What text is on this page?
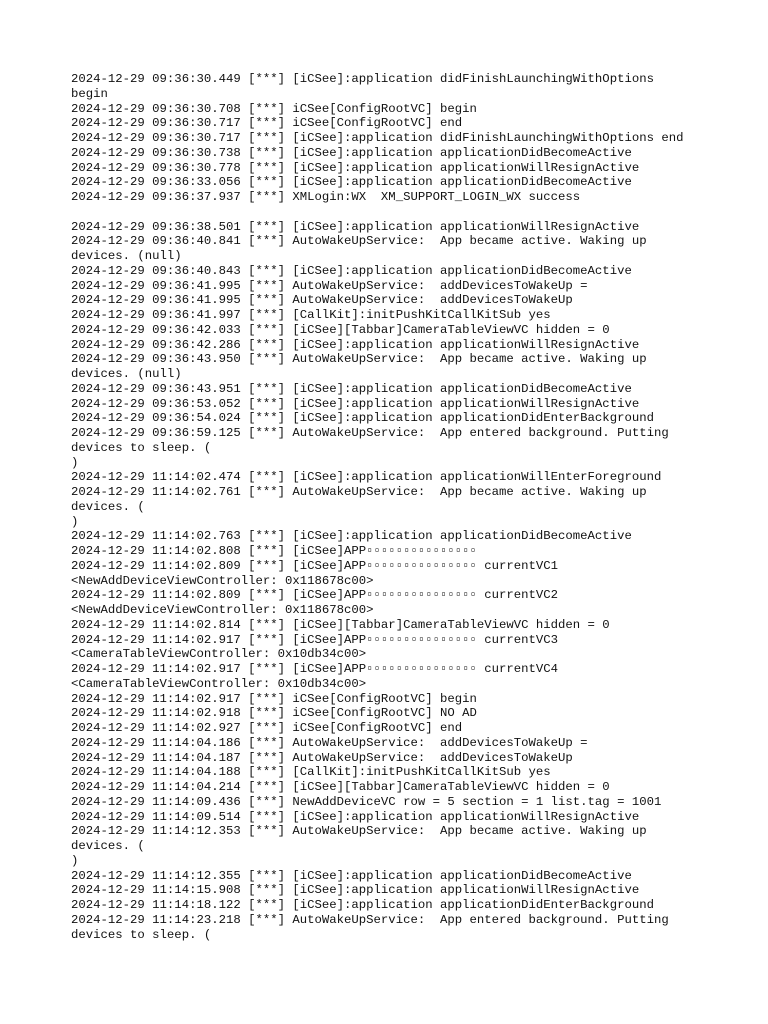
2024-12-29 09:36:30.449 [***] [iCSee]:application didFinishLaunchingWithOptions
begin
2024-12-29 09:36:30.708 [***] iCSee[ConfigRootVC] begin
2024-12-29 09:36:30.717 [***] iCSee[ConfigRootVC] end
2024-12-29 09:36:30.717 [***] [iCSee]:application didFinishLaunchingWithOptions end
2024-12-29 09:36:30.738 [***] [iCSee]:application applicationDidBecomeActive
2024-12-29 09:36:30.778 [***] [iCSee]:application applicationWillResignActive
2024-12-29 09:36:33.056 [***] [iCSee]:application applicationDidBecomeActive
2024-12-29 09:36:37.937 [***] XMLogin:WX  XM_SUPPORT_LOGIN_WX success
2024-12-29 09:36:38.501 [***] [iCSee]:application applicationWillResignActive
2024-12-29 09:36:40.841 [***] AutoWakeUpService:  App became active. Waking up
devices. (null)
2024-12-29 09:36:40.843 [***] [iCSee]:application applicationDidBecomeActive
2024-12-29 09:36:41.995 [***] AutoWakeUpService:  addDevicesToWakeUp =
2024-12-29 09:36:41.995 [***] AutoWakeUpService:  addDevicesToWakeUp
2024-12-29 09:36:41.997 [***] [CallKit]:initPushKitCallKitSub yes
2024-12-29 09:36:42.033 [***] [iCSee][Tabbar]CameraTableViewVC hidden = 0
2024-12-29 09:36:42.286 [***] [iCSee]:application applicationWillResignActive
2024-12-29 09:36:43.950 [***] AutoWakeUpService:  App became active. Waking up
devices. (null)
2024-12-29 09:36:43.951 [***] [iCSee]:application applicationDidBecomeActive
2024-12-29 09:36:53.052 [***] [iCSee]:application applicationWillResignActive
2024-12-29 09:36:54.024 [***] [iCSee]:application applicationDidEnterBackground
2024-12-29 09:36:59.125 [***] AutoWakeUpService:  App entered background. Putting
devices to sleep. (
)
2024-12-29 11:14:02.474 [***] [iCSee]:application applicationWillEnterForeground
2024-12-29 11:14:02.761 [***] AutoWakeUpService:  App became active. Waking up
devices. (
)
2024-12-29 11:14:02.763 [***] [iCSee]:application applicationDidBecomeActive
2024-12-29 11:14:02.808 [***] [iCSee]APP▫▫▫▫▫▫▫▫▫▫▫▫▫▫▫
2024-12-29 11:14:02.809 [***] [iCSee]APP▫▫▫▫▫▫▫▫▫▫▫▫▫▫▫ currentVC1
<NewAddDeviceViewController: 0x118678c00>
2024-12-29 11:14:02.809 [***] [iCSee]APP▫▫▫▫▫▫▫▫▫▫▫▫▫▫▫ currentVC2
<NewAddDeviceViewController: 0x118678c00>
2024-12-29 11:14:02.814 [***] [iCSee][Tabbar]CameraTableViewVC hidden = 0
2024-12-29 11:14:02.917 [***] [iCSee]APP▫▫▫▫▫▫▫▫▫▫▫▫▫▫▫ currentVC3
<CameraTableViewController: 0x10db34c00>
2024-12-29 11:14:02.917 [***] [iCSee]APP▫▫▫▫▫▫▫▫▫▫▫▫▫▫▫ currentVC4
<CameraTableViewController: 0x10db34c00>
2024-12-29 11:14:02.917 [***] iCSee[ConfigRootVC] begin
2024-12-29 11:14:02.918 [***] iCSee[ConfigRootVC] NO AD
2024-12-29 11:14:02.927 [***] iCSee[ConfigRootVC] end
2024-12-29 11:14:04.186 [***] AutoWakeUpService:  addDevicesToWakeUp =
2024-12-29 11:14:04.187 [***] AutoWakeUpService:  addDevicesToWakeUp
2024-12-29 11:14:04.188 [***] [CallKit]:initPushKitCallKitSub yes
2024-12-29 11:14:04.214 [***] [iCSee][Tabbar]CameraTableViewVC hidden = 0
2024-12-29 11:14:09.436 [***] NewAddDeviceVC row = 5 section = 1 list.tag = 1001
2024-12-29 11:14:09.514 [***] [iCSee]:application applicationWillResignActive
2024-12-29 11:14:12.353 [***] AutoWakeUpService:  App became active. Waking up
devices. (
)
2024-12-29 11:14:12.355 [***] [iCSee]:application applicationDidBecomeActive
2024-12-29 11:14:15.908 [***] [iCSee]:application applicationWillResignActive
2024-12-29 11:14:18.122 [***] [iCSee]:application applicationDidEnterBackground
2024-12-29 11:14:23.218 [***] AutoWakeUpService:  App entered background. Putting
devices to sleep. (
